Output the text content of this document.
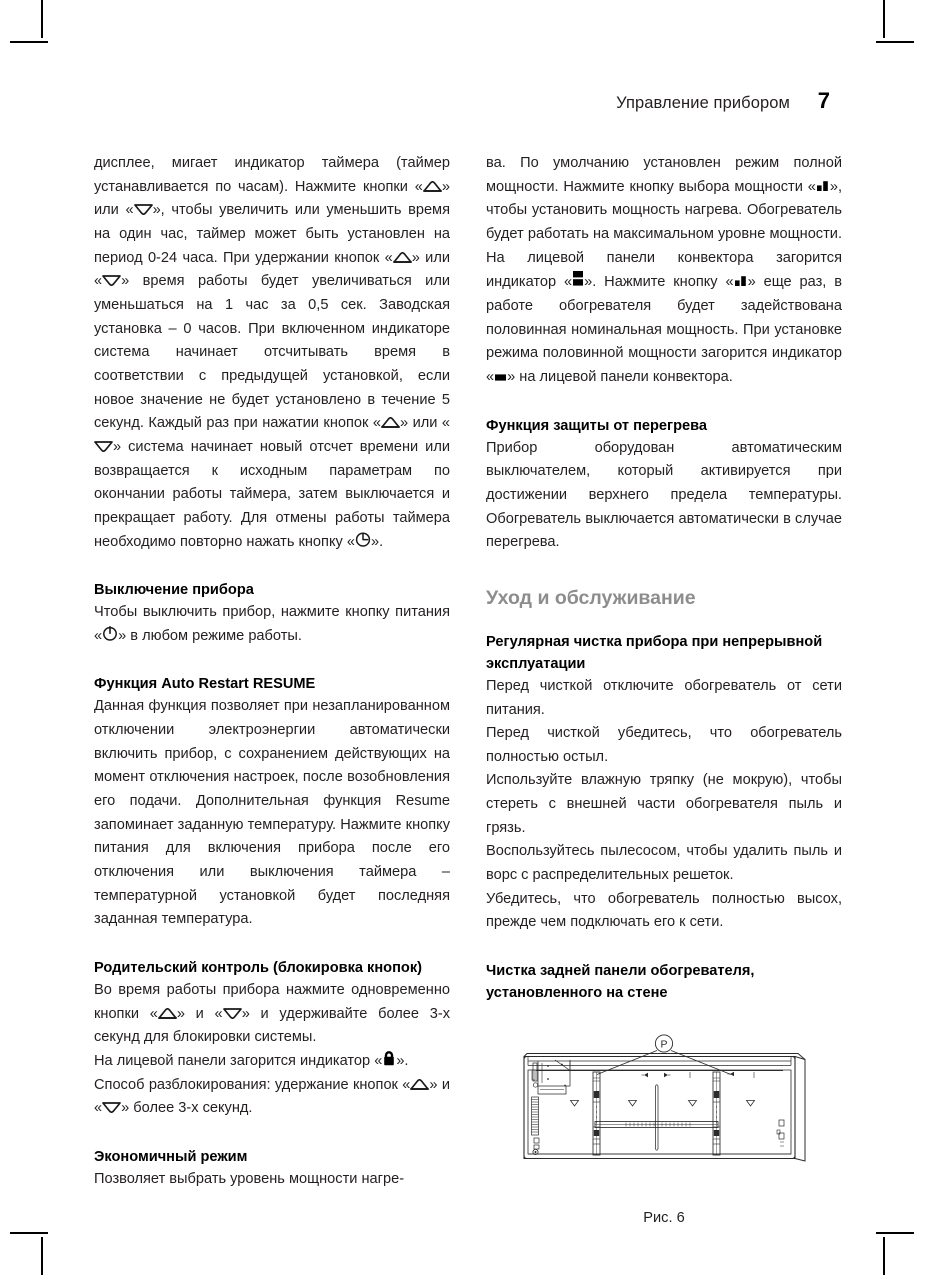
Управление прибором 7

дисплее, мигает индикатор таймера (таймер устанавливается по часам). Нажмите кнопки « » или « », чтобы увеличить или уменьшить время на один час, таймер может быть установлен на период 0-24 часа. При удержании кнопок « » или « » время работы будет увеличиваться или уменьшаться на 1 час за 0,5 сек. Заводская установка – 0 часов. При включенном индикаторе система начинает отсчитывать время в соответствии с предыдущей установкой, если новое значение не будет установлено в течение 5 секунд. Каждый раз при нажатии кнопок « » или «
» система начинает новый отсчет времени или возвращается к исходным параметрам по окончании работы таймера, затем выключается и прекращает работу. Для отмены работы таймера необходимо повторно нажать кнопку « ».

Выключение прибора

Чтобы выключить прибор, нажмите кнопку питания « » в любом режиме работы.

Функция Auto Restart RESUME

Данная функция позволяет при незапланированном отключении электроэнергии автоматически включить прибор, с сохранением действующих на момент отключения настроек, после возобновления его подачи. Дополнительная функция Resume запоминает заданную температуру. Нажмите кнопку питания для включения прибора после его отключения или выключения таймера – температурной установкой будет последняя заданная температура.

Родительский контроль (блокировка кнопок)

Во время работы прибора нажмите одновременно кнопки « » и « » и удерживайте более 3-х секунд для блокировки системы.

На лицевой панели загорится индикатор « ».

Способ разблокирования: удержание кнопок « » и « » более 3-х секунд.

Экономичный режим

Позволяет выбрать уровень мощности нагре-

ва. По умолчанию установлен режим полной мощности. Нажмите кнопку выбора мощности « », чтобы установить мощность нагрева. Обогреватель будет работать на максимальном уровне мощности. На лицевой панели конвектора загорится индикатор « ». Нажмите кнопку « » еще раз, в работе обогревателя будет задействована половинная номинальная мощность. При установке режима половинной мощности загорится индикатор « » на лицевой панели конвектора.

Функция защиты от перегрева

Прибор оборудован автоматическим выключателем, который активируется при достижении верхнего предела температуры. Обогреватель выключается автоматически в случае перегрева.

Уход и обслуживание
Регулярная чистка прибора при непрерывной эксплуатации

Перед чисткой отключите обогреватель от сети питания.

Перед чисткой убедитесь, что обогреватель полностью остыл.

Используйте влажную тряпку (не мокрую), чтобы стереть с внешней части обогревателя пыль и грязь.

Воспользуйтесь пылесосом, чтобы удалить пыль и ворс с распределительных решеток.

Убедитесь, что обогреватель полностью высох, прежде чем подключать его к сети.

Чистка задней панели обогревателя, установленного на стене
P
Рис. 6
